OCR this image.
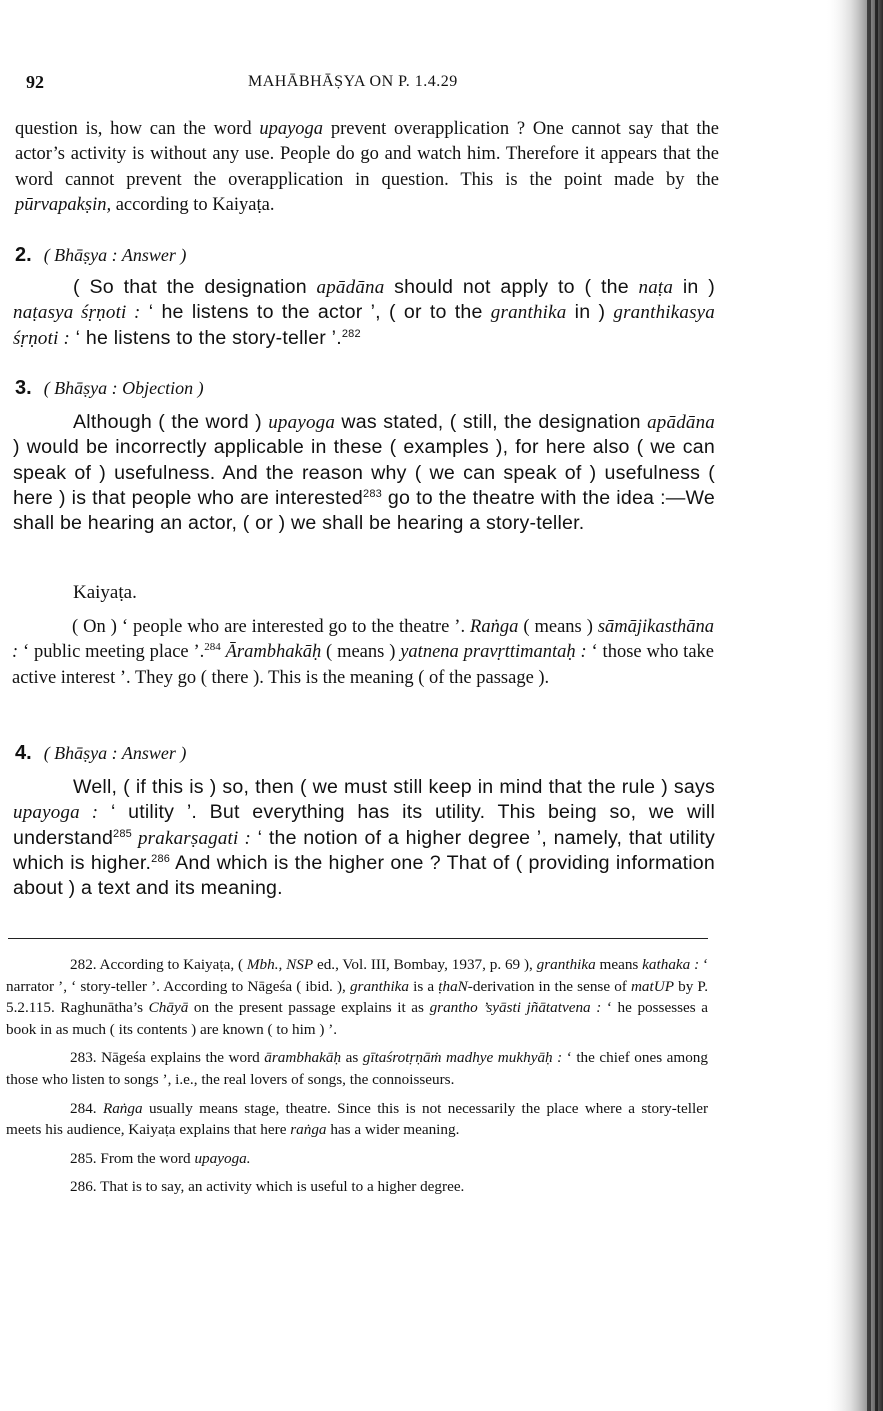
92	MAHĀBHĀṢYA ON P. 1.4.29
question is, how can the word upayoga prevent overapplication ? One cannot say that the actor’s activity is without any use. People do go and watch him. Therefore it appears that the word cannot prevent the overapplication in question. This is the point made by the pūrvapakṣin, according to Kaiyaṭa.
2. ( Bhāṣya : Answer )

( So that the designation apādāna should not apply to ( the naṭa in ) naṭasya śṛṇoti : ‘ he listens to the actor ’, ( or to the granthika in ) granthikasya śṛṇoti : ‘ he listens to the story-teller ’.$^{282}$

3. ( Bhāṣya : Objection )

Although ( the word ) upayoga was stated, ( still, the designation apādāna ) would be incorrectly applicable in these ( examples ), for here also ( we can speak of ) usefulness. And the reason why ( we can speak of ) usefulness ( here ) is that people who are interested$^{283}$ go to the theatre with the idea :—We shall be hearing an actor, ( or ) we shall be hearing a story-teller.

Kaiyaṭa.

( On ) ‘ people who are interested go to the theatre ’. Raṅga ( means ) sāmājikasthāna : ‘ public meeting place ’.$^{284}$ Ārambhakāḥ ( means ) yatnena pravṛttimantaḥ : ‘ those who take active interest ’. They go ( there ). This is the meaning ( of the passage ).

4. ( Bhāṣya : Answer )

Well, ( if this is ) so, then ( we must still keep in mind that the rule ) says upayoga : ‘ utility ’. But everything has its utility. This being so, we will understand$^{285}$ prakarṣagati : ‘ the notion of a higher degree ’, namely, that utility which is higher.$^{286}$ And which is the higher one ? That of ( providing information about ) a text and its meaning.

282. According to Kaiyaṭa, ( Mbh., NSP ed., Vol. III, Bombay, 1937, p. 69 ), granthika means kathaka : ‘ narrator ’, ‘ story-teller ’. According to Nāgeśa ( ibid. ), granthika is a ṭhaN-derivation in the sense of matUP by P. 5.2.115. Raghunātha’s Chāyā on the present passage explains it as grantho ’syāsti jñātatvena : ‘ he possesses a book in as much ( its contents ) are known ( to him ) ’.

283. Nāgeśa explains the word ārambhakāḥ as gītaśrotṛṇāṁ madhye mukhyāḥ : ‘ the chief ones among those who listen to songs ’, i.e., the real lovers of songs, the connoisseurs.

284. Raṅga usually means stage, theatre. Since this is not necessarily the place where a story-teller meets his audience, Kaiyaṭa explains that here raṅga has a wider meaning.

285. From the word upayoga.

286. That is to say, an activity which is useful to a higher degree.
